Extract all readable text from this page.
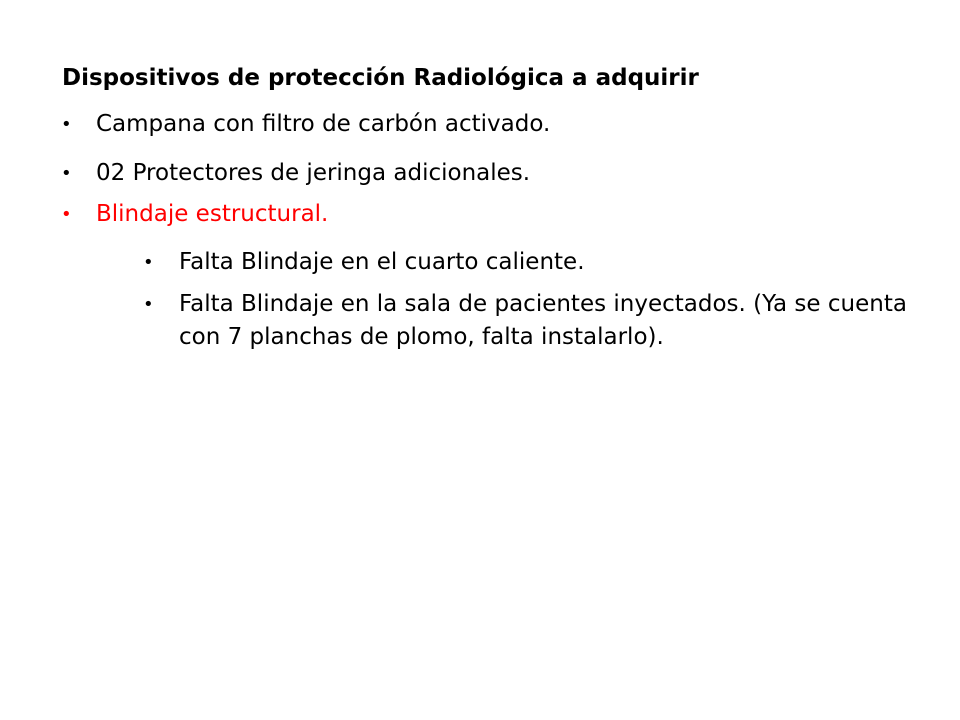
Dispositivos de protección Radiológica a adquirir
• Campana con filtro de carbón activado.
• 02 Protectores de jeringa adicionales.
• Blindaje estructural.
• Falta Blindaje en el cuarto caliente.
• Falta Blindaje en la sala de pacientes inyectados. (Ya se cuenta con 7 planchas de plomo, falta instalarlo).
